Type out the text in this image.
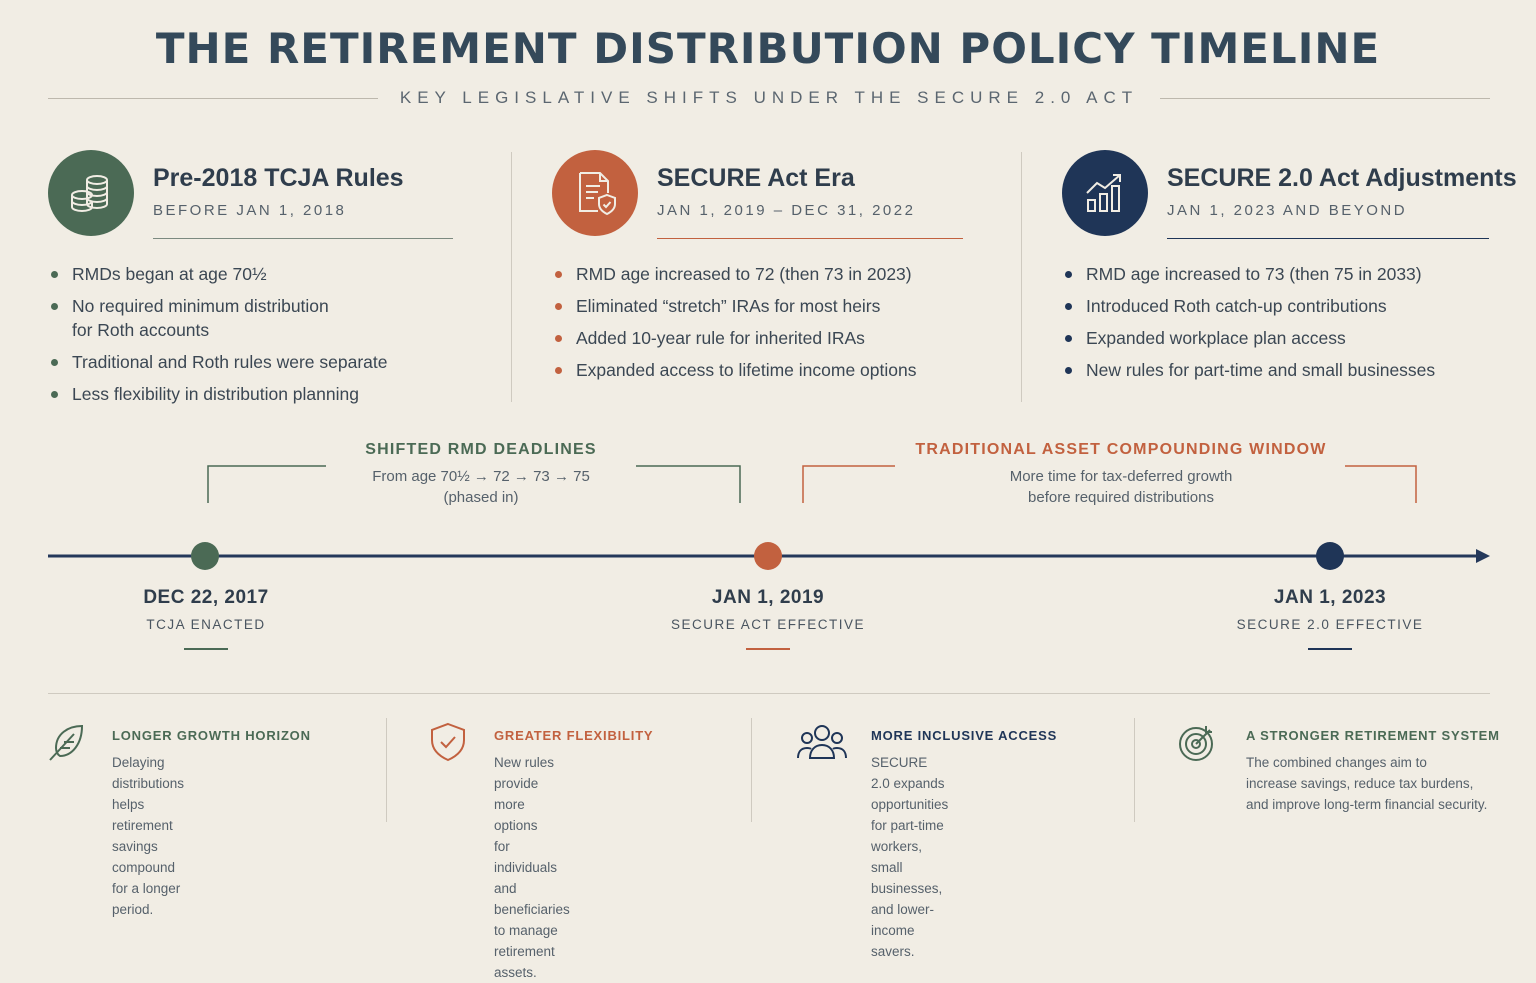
THE RETIREMENT DISTRIBUTION POLICY TIMELINE
KEY LEGISLATIVE SHIFTS UNDER THE SECURE 2.0 ACT
Pre-2018 TCJA Rules
BEFORE JAN 1, 2018
RMDs began at age 70½
No required minimum distribution for Roth accounts
Traditional and Roth rules were separate
Less flexibility in distribution planning
SECURE Act Era
JAN 1, 2019 – DEC 31, 2022
RMD age increased to 72 (then 73 in 2023)
Eliminated “stretch” IRAs for most heirs
Added 10-year rule for inherited IRAs
Expanded access to lifetime income options
SECURE 2.0 Act Adjustments
JAN 1, 2023 AND BEYOND
RMD age increased to 73 (then 75 in 2033)
Introduced Roth catch-up contributions
Expanded workplace plan access
New rules for part-time and small businesses
SHIFTED RMD DEADLINES
From age 70½ → 72 → 73 → 75
(phased in)
TRADITIONAL ASSET COMPOUNDING WINDOW
More time for tax-deferred growth
before required distributions
DEC 22, 2017
TCJA ENACTED
JAN 1, 2019
SECURE ACT EFFECTIVE
JAN 1, 2023
SECURE 2.0 EFFECTIVE
LONGER GROWTH HORIZON
Delaying distributions helps
retirement savings compound
for a longer period.
GREATER FLEXIBILITY
New rules provide more options
for individuals and beneficiaries
to manage retirement assets.
MORE INCLUSIVE ACCESS
SECURE 2.0 expands opportunities
for part-time workers, small businesses,
and lower-income savers.
A STRONGER RETIREMENT SYSTEM
The combined changes aim to
increase savings, reduce tax burdens,
and improve long-term financial security.
